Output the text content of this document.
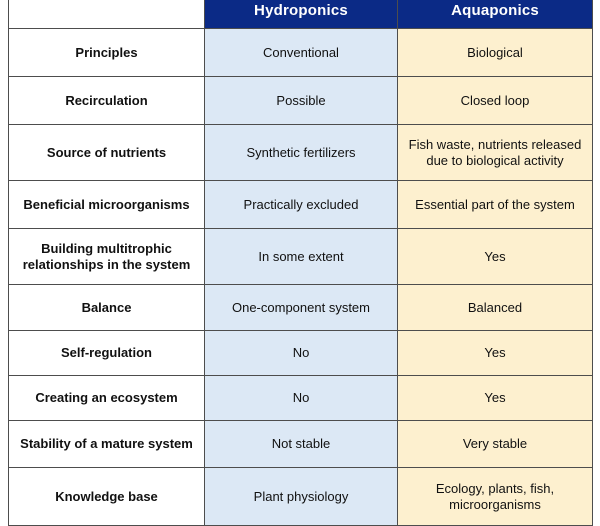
	Hydroponics	Aquaponics
Principles	Conventional	Biological
Recirculation	Possible	Closed loop
Source of nutrients	Synthetic fertilizers	Fish waste, nutrients released due to biological activity
Beneficial microorganisms	Practically excluded	Essential part of the system
Building multitrophic relationships in the system	In some extent	Yes
Balance	One-component system	Balanced
Self-regulation	No	Yes
Creating an ecosystem	No	Yes
Stability of a mature system	Not stable	Very stable
Knowledge base	Plant physiology	Ecology, plants, fish, microorganisms
